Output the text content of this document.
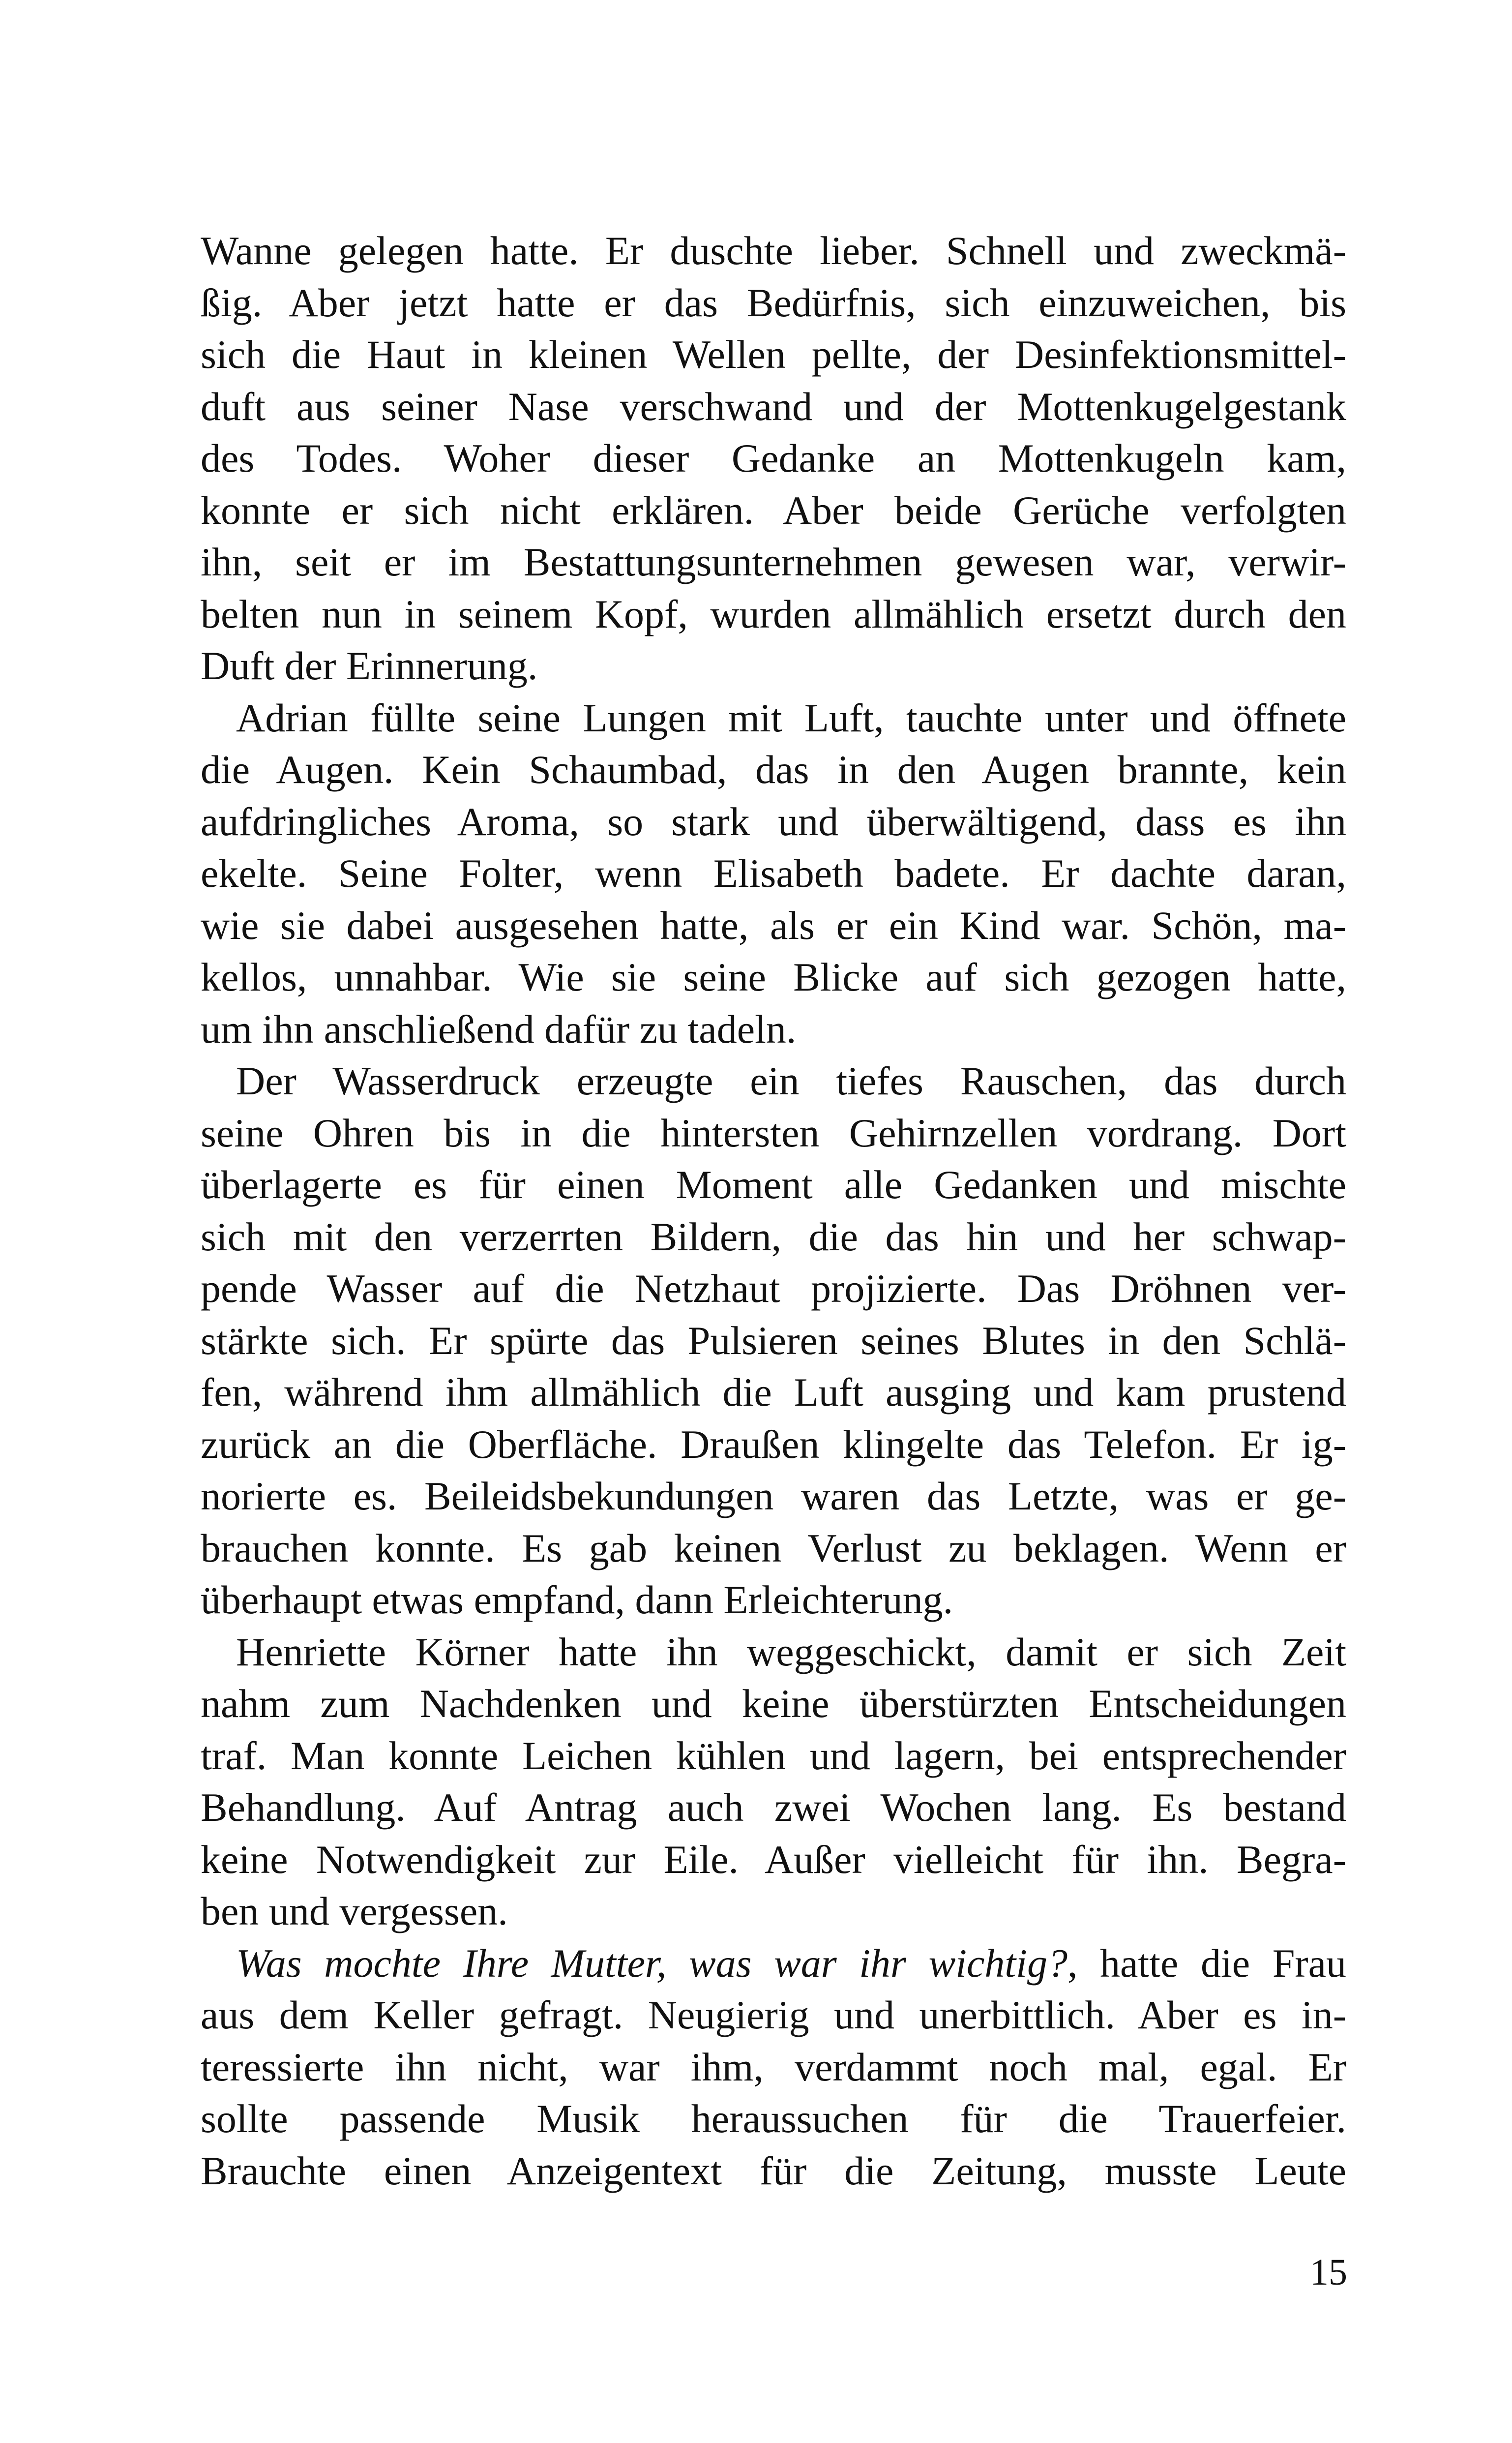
Wanne gelegen hatte. Er duschte lieber. Schnell und zweckmä-
ßig. Aber jetzt hatte er das Bedürfnis, sich einzuweichen, bis
sich die Haut in kleinen Wellen pellte, der Desinfektionsmittel-
duft aus seiner Nase verschwand und der Mottenkugelgestank
des Todes. Woher dieser Gedanke an Mottenkugeln kam,
konnte er sich nicht erklären. Aber beide Gerüche verfolgten
ihn, seit er im Bestattungsunternehmen gewesen war, verwir-
belten nun in seinem Kopf, wurden allmählich ersetzt durch den
Duft der Erinnerung.
Adrian füllte seine Lungen mit Luft, tauchte unter und öffnete
die Augen. Kein Schaumbad, das in den Augen brannte, kein
aufdringliches Aroma, so stark und überwältigend, dass es ihn
ekelte. Seine Folter, wenn Elisabeth badete. Er dachte daran,
wie sie dabei ausgesehen hatte, als er ein Kind war. Schön, ma-
kellos, unnahbar. Wie sie seine Blicke auf sich gezogen hatte,
um ihn anschließend dafür zu tadeln.
Der Wasserdruck erzeugte ein tiefes Rauschen, das durch
seine Ohren bis in die hintersten Gehirnzellen vordrang. Dort
überlagerte es für einen Moment alle Gedanken und mischte
sich mit den verzerrten Bildern, die das hin und her schwap-
pende Wasser auf die Netzhaut projizierte. Das Dröhnen ver-
stärkte sich. Er spürte das Pulsieren seines Blutes in den Schlä-
fen, während ihm allmählich die Luft ausging und kam prustend
zurück an die Oberfläche. Draußen klingelte das Telefon. Er ig-
norierte es. Beileidsbekundungen waren das Letzte, was er ge-
brauchen konnte. Es gab keinen Verlust zu beklagen. Wenn er
überhaupt etwas empfand, dann Erleichterung.
Henriette Körner hatte ihn weggeschickt, damit er sich Zeit
nahm zum Nachdenken und keine überstürzten Entscheidungen
traf. Man konnte Leichen kühlen und lagern, bei entsprechender
Behandlung. Auf Antrag auch zwei Wochen lang. Es bestand
keine Notwendigkeit zur Eile. Außer vielleicht für ihn. Begra-
ben und vergessen.
Was mochte Ihre Mutter, was war ihr wichtig?, hatte die Frau
aus dem Keller gefragt. Neugierig und unerbittlich. Aber es in-
teressierte ihn nicht, war ihm, verdammt noch mal, egal. Er
sollte passende Musik heraussuchen für die Trauerfeier.
Brauchte einen Anzeigentext für die Zeitung, musste Leute
15
